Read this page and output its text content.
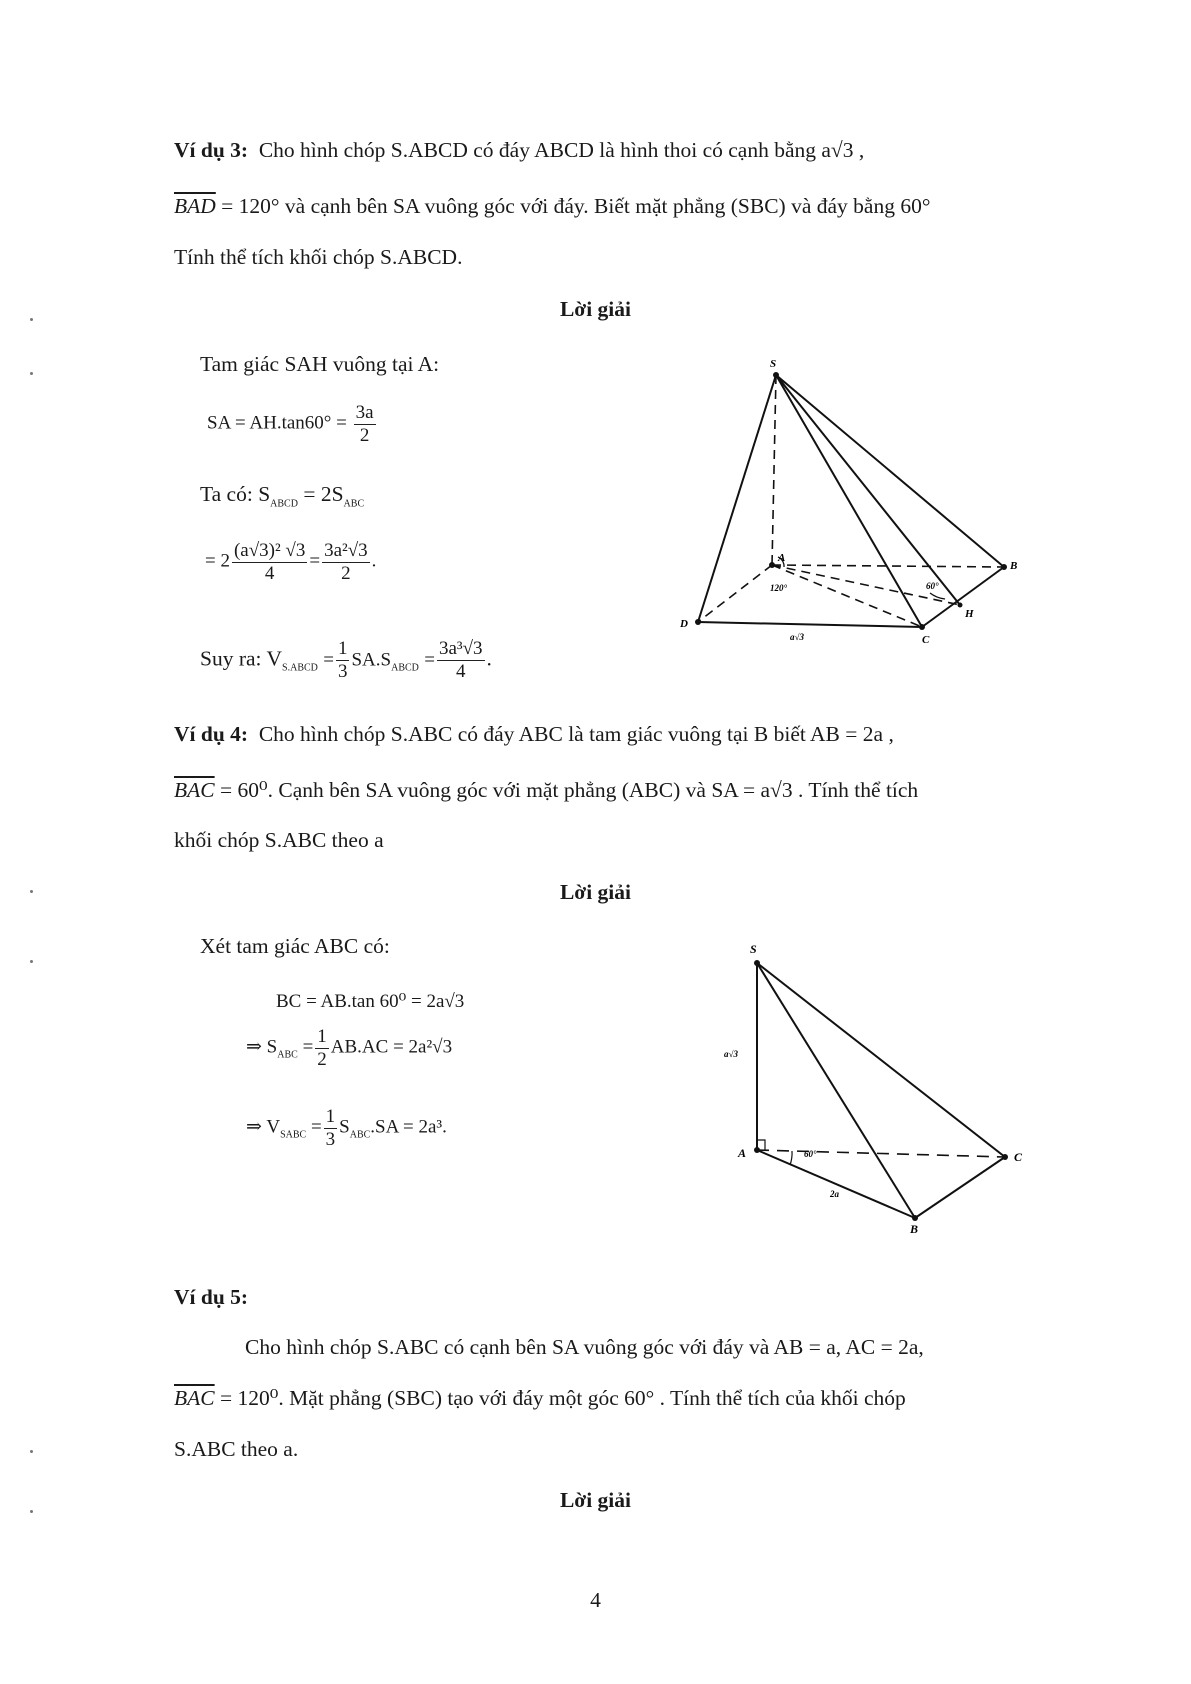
Ví dụ 3: Cho hình chóp S.ABCD có đáy ABCD là hình thoi có cạnh bằng a√3 ,
$\overline{BAD} = 120^\circ$ và cạnh bên SA vuông góc với đáy. Biết mặt phẳng (SBC) và đáy bằng 60°
Tính thể tích khối chóp S.ABCD.
Lời giải
Tam giác SAH vuông tại A:
SA = $AH.\tan 60^\circ = \frac{3a}{2}$
Ta có: $S_{ABCD} = 2S_{ABC}$
= $2 \frac{\text{(a√3)² √3}}{4} = \frac{\text{3a²√3}}{2}$ .
Suy ra: $V_{S.ABCD} = \frac{1}{3} SA.S_{ABCD} = \frac{\text{3a³√3}}{4}$ .
S
A
B
C
D
H
120°	60°
a√3
Ví dụ 4: Cho hình chóp S.ABC có đáy ABC là tam giác vuông tại B biết AB = 2a ,
$\overline{BAC} = 60^0$. Cạnh bên SA vuông góc với mặt phẳng (ABC) và SA = a√3 . Tính thể tích
khối chóp S.ABC theo a
Lời giải
Xét tam giác ABC có:
BC = AB.tan 60⁰ = 2a√3
⇒ $S_{ABC} = \frac{1}{2} AB.AC = 2a^2√3$
⇒ $V_{SABC} = \frac{1}{3} S_{ABC}.SA = 2a^3$.
S
A	C
B
60°
a√3
2a
Ví dụ 5:
Cho hình chóp S.ABC có cạnh bên SA vuông góc với đáy và AB = a, AC = 2a,
$\overline{BAC} = 120^0$. Mặt phẳng (SBC) tạo với đáy một góc 60° . Tính thể tích của khối chóp
S.ABC theo a.
Lời giải
4
